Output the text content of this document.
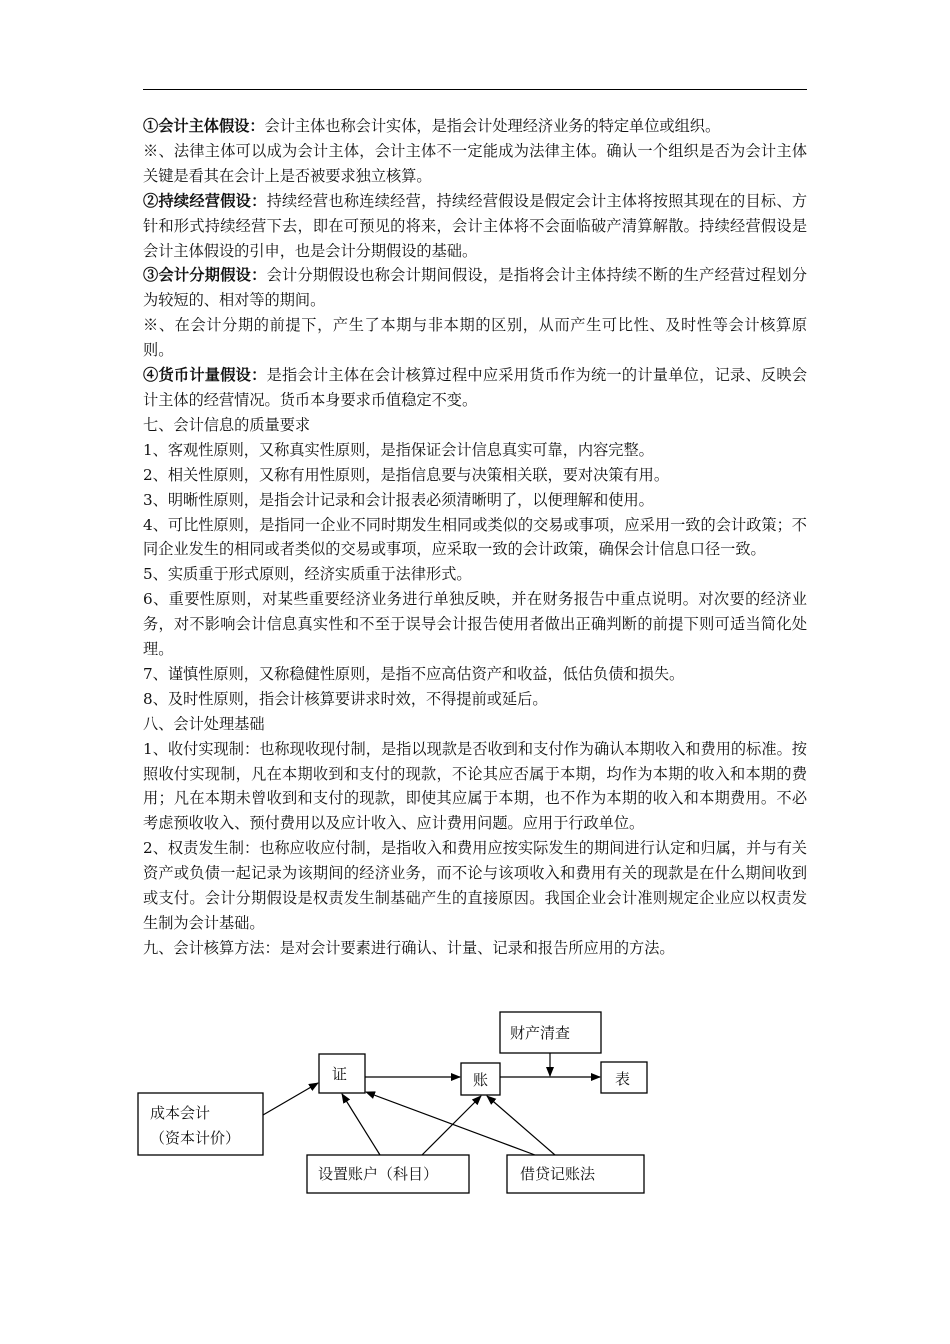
①会计主体假设：会计主体也称会计实体，是指会计处理经济业务的特定单位或组织。

※、法律主体可以成为会计主体，会计主体不一定能成为法律主体。确认一个组织是否为会计主体关键是看其在会计上是否被要求独立核算。

②持续经营假设：持续经营也称连续经营，持续经营假设是假定会计主体将按照其现在的目标、方针和形式持续经营下去，即在可预见的将来，会计主体将不会面临破产清算解散。持续经营假设是会计主体假设的引申，也是会计分期假设的基础。

③会计分期假设：会计分期假设也称会计期间假设，是指将会计主体持续不断的生产经营过程划分为较短的、相对等的期间。

※、在会计分期的前提下，产生了本期与非本期的区别，从而产生可比性、及时性等会计核算原则。

④货币计量假设：是指会计主体在会计核算过程中应采用货币作为统一的计量单位，记录、反映会计主体的经营情况。货币本身要求币值稳定不变。

七、会计信息的质量要求

1、客观性原则，又称真实性原则，是指保证会计信息真实可靠，内容完整。

2、相关性原则，又称有用性原则，是指信息要与决策相关联，要对决策有用。

3、明晰性原则，是指会计记录和会计报表必须清晰明了，以便理解和使用。

4、可比性原则，是指同一企业不同时期发生相同或类似的交易或事项，应采用一致的会计政策；不同企业发生的相同或者类似的交易或事项，应采取一致的会计政策，确保会计信息口径一致。

5、实质重于形式原则，经济实质重于法律形式。

6、重要性原则，对某些重要经济业务进行单独反映，并在财务报告中重点说明。对次要的经济业务，对不影响会计信息真实性和不至于误导会计报告使用者做出正确判断的前提下则可适当简化处理。

7、谨慎性原则，又称稳健性原则，是指不应高估资产和收益，低估负债和损失。

8、及时性原则，指会计核算要讲求时效，不得提前或延后。

八、会计处理基础

1、收付实现制：也称现收现付制，是指以现款是否收到和支付作为确认本期收入和费用的标准。按照收付实现制，凡在本期收到和支付的现款，不论其应否属于本期，均作为本期的收入和本期的费用；凡在本期未曾收到和支付的现款，即使其应属于本期，也不作为本期的收入和本期费用。不必考虑预收收入、预付费用以及应计收入、应计费用问题。应用于行政单位。

2、权责发生制：也称应收应付制，是指收入和费用应按实际发生的期间进行认定和归属，并与有关资产或负债一起记录为该期间的经济业务，而不论与该项收入和费用有关的现款是在什么期间收到或支付。会计分期假设是权责发生制基础产生的直接原因。我国企业会计准则规定企业应以权责发生制为会计基础。

九、会计核算方法：是对会计要素进行确认、计量、记录和报告所应用的方法。

证	账	表
财产清查
成本会计
（资本计价）
设置账户（科目）	借贷记账法
